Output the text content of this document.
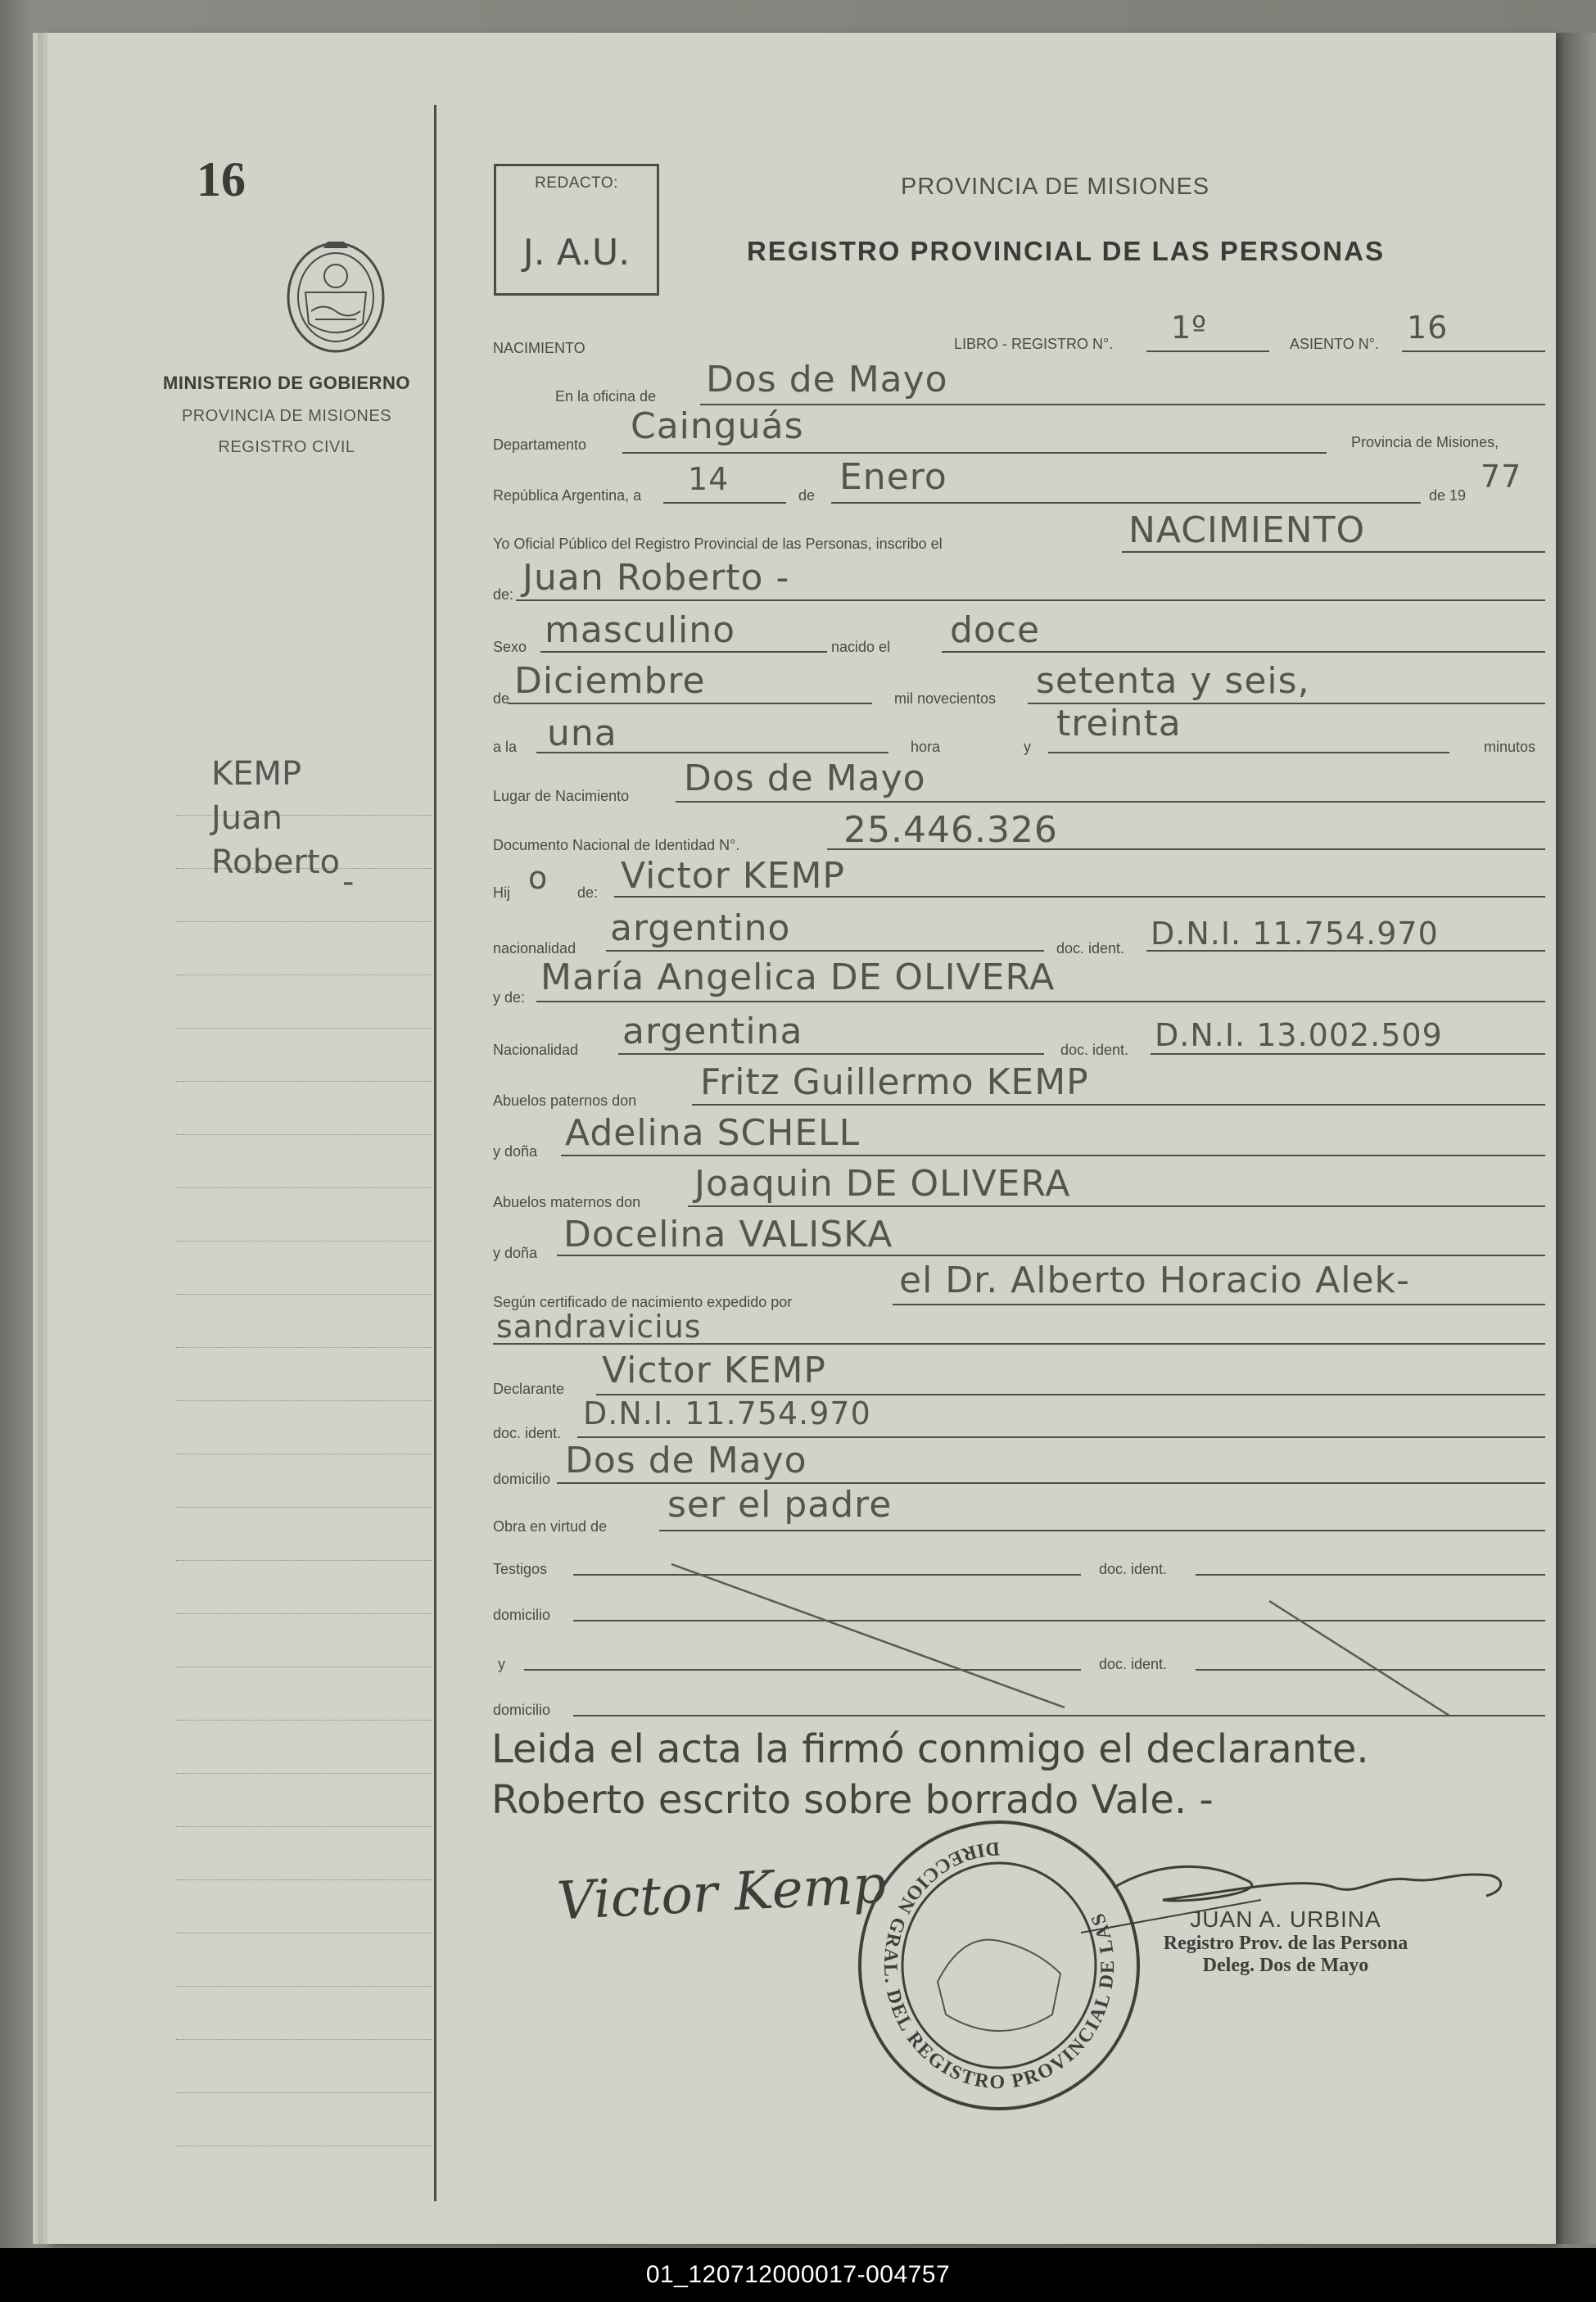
16
MINISTERIO DE GOBIERNO
PROVINCIA DE MISIONES
REGISTRO CIVIL
KEMP
Juan
Roberto
-
REDACTO:
J. A.U.
PROVINCIA DE MISIONES
REGISTRO PROVINCIAL DE LAS PERSONAS
NACIMIENTO	LIBRO - REGISTRO N°. 1º	ASIENTO N°. 16
En la oficina de Dos de Mayo
Departamento Cainguás	Provincia de Misiones,
República Argentina, a 14	de Enero	de 19
77
Yo Oficial Público del Registro Provincial de las Personas, inscribo el	NACIMIENTO
de: Juan Roberto -
Sexo masculino	nacido el doce
de Diciembre	mil novecientos setenta y seis,
a la una	hora	y
treinta
minutos
Lugar de Nacimiento Dos de Mayo
Documento Nacional de Identidad N°.	25.446.326
Hij o de: Victor KEMP
nacionalidad argentino	doc. ident. D.N.I. 11.754.970
y de: María Angelica DE OLIVERA
Nacionalidad argentina	doc. ident. D.N.I. 13.002.509
Abuelos paternos don Fritz Guillermo KEMP
y doña Adelina SCHELL
Abuelos maternos don Joaquin DE OLIVERA
y doña Docelina VALISKA
Según certificado de nacimiento expedido por
el Dr. Alberto Horacio Alek-
sandravicius
Declarante Victor KEMP
doc. ident.
D.N.I. 11.754.970
domicilio Dos de Mayo
Obra en virtud de
ser el padre
Testigos	doc. ident.
domicilio
y	doc. ident.
domicilio
Leida el acta la firmó conmigo el declarante.
Roberto escrito sobre borrado Vale. -
Victor Kemp
DIRECCION GRAL. DEL REGISTRO PROVINCIAL DE LAS	JUAN A. URBINA
Registro Prov. de las Persona
Deleg. Dos de Mayo
01_120712000017-004757
